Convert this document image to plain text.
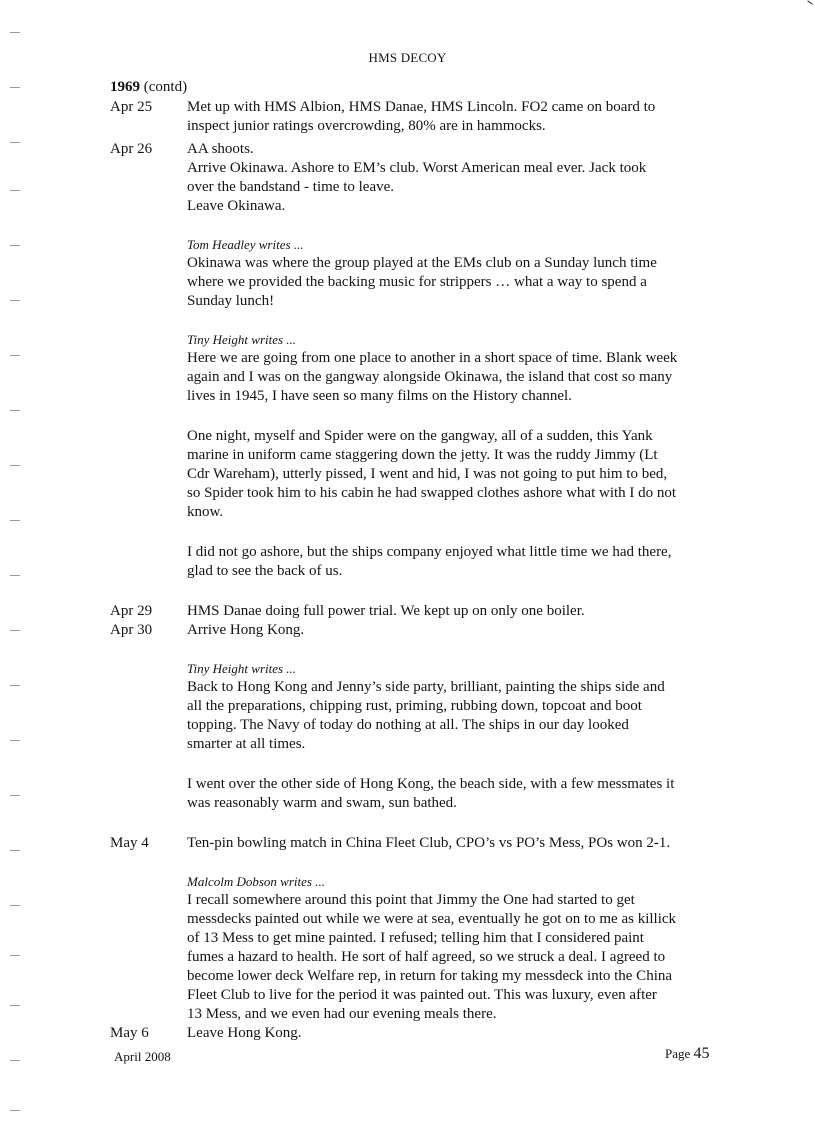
HMS DECOY
1969 (contd)
Apr 25	Met up with HMS Albion, HMS Danae, HMS Lincoln. FO2 came on board to

inspect junior ratings overcrowding, 80% are in hammocks.

Apr 26	AA shoots.

Arrive Okinawa. Ashore to EM’s club. Worst American meal ever. Jack took

over the bandstand - time to leave.

Leave Okinawa.

Tom Headley writes ...

Okinawa was where the group played at the EMs club on a Sunday lunch time

where we provided the backing music for strippers … what a way to spend a

Sunday lunch!

Tiny Height writes ...

Here we are going from one place to another in a short space of time. Blank week

again and I was on the gangway alongside Okinawa, the island that cost so many

lives in 1945, I have seen so many films on the History channel.

One night, myself and Spider were on the gangway, all of a sudden, this Yank

marine in uniform came staggering down the jetty. It was the ruddy Jimmy (Lt

Cdr Wareham), utterly pissed, I went and hid, I was not going to put him to bed,

so Spider took him to his cabin he had swapped clothes ashore what with I do not

know.

I did not go ashore, but the ships company enjoyed what little time we had there,

glad to see the back of us.

Apr 29	HMS Danae doing full power trial. We kept up on only one boiler.

Apr 30	Arrive Hong Kong.

Tiny Height writes ...

Back to Hong Kong and Jenny’s side party, brilliant, painting the ships side and

all the preparations, chipping rust, priming, rubbing down, topcoat and boot

topping. The Navy of today do nothing at all. The ships in our day looked

smarter at all times.

I went over the other side of Hong Kong, the beach side, with a few messmates it

was reasonably warm and swam, sun bathed.

May 4	Ten-pin bowling match in China Fleet Club, CPO’s vs PO’s Mess, POs won 2-1.

Malcolm Dobson writes ...

I recall somewhere around this point that Jimmy the One had started to get

messdecks painted out while we were at sea, eventually he got on to me as killick

of 13 Mess to get mine painted. I refused; telling him that I considered paint

fumes a hazard to health. He sort of half agreed, so we struck a deal. I agreed to

become lower deck Welfare rep, in return for taking my messdeck into the China

Fleet Club to live for the period it was painted out. This was luxury, even after

13 Mess, and we even had our evening meals there.

May 6	Leave Hong Kong.

April 2008	Page 45
